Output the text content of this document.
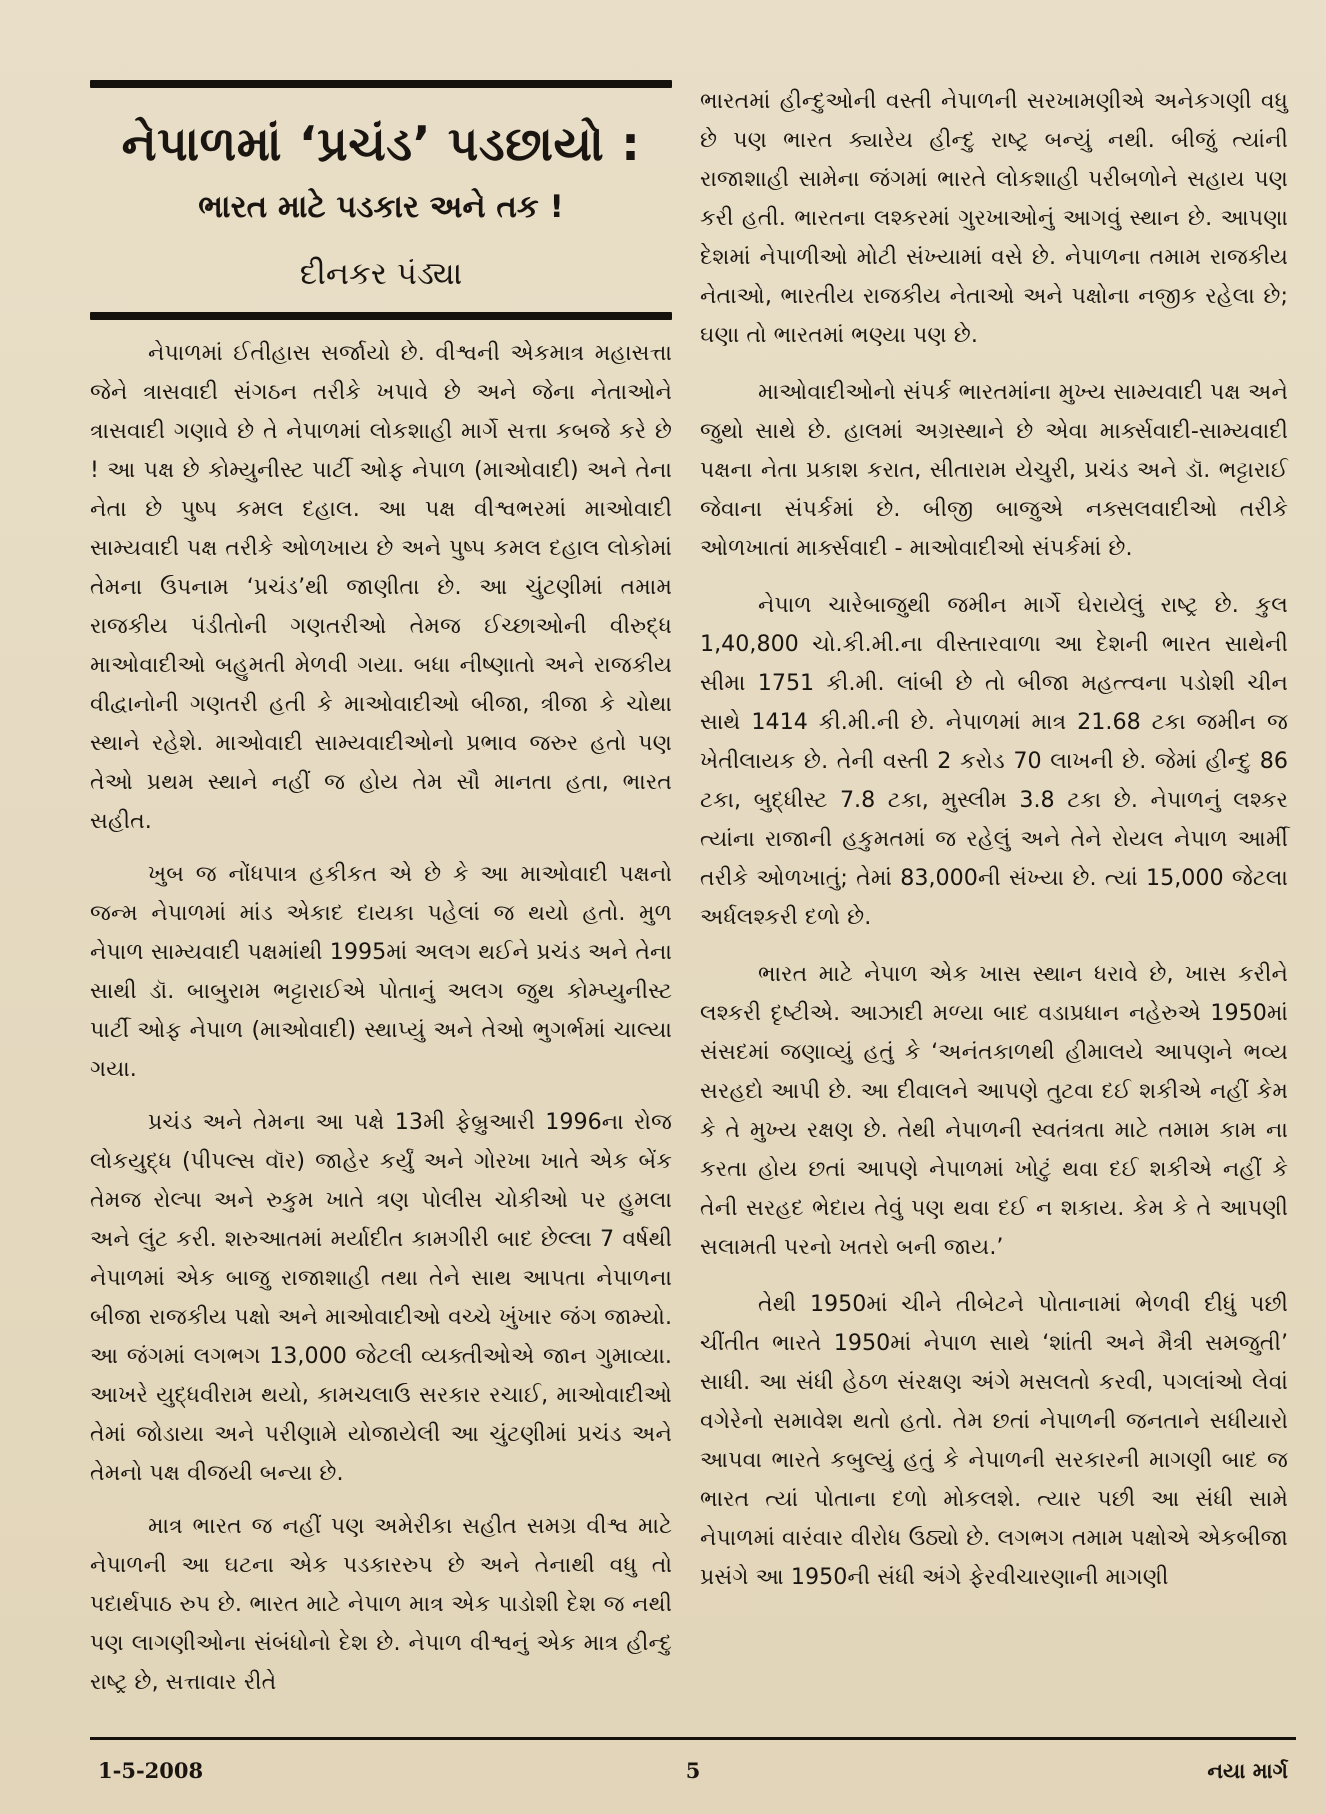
નેપાળમાં ‘પ્રચંડ’ પડછાયો :
ભારત માટે પડકાર અને તક !
દીનકર પંડ્યા

નેપાળમાં ઈતીહાસ સર્જાયો છે. વીશ્વની એકમાત્ર મહાસત્તા જેને ત્રાસવાદી સંગઠન તરીકે ખપાવે છે અને જેના નેતાઓને ત્રાસવાદી ગણાવે છે તે નેપાળમાં લોકશાહી માર્ગે સત્તા કબજે કરે છે ! આ પક્ષ છે કોમ્યુનીસ્ટ પાર્ટી ઓફ નેપાળ (માઓવાદી) અને તેના નેતા છે પુષ્પ કમલ દહાલ. આ પક્ષ વીશ્વભરમાં માઓવાદી સામ્યવાદી પક્ષ તરીકે ઓળખાય છે અને પુષ્પ કમલ દહાલ લોકોમાં તેમના ઉપનામ ‘પ્રચંડ’થી જાણીતા છે. આ ચુંટણીમાં તમામ રાજકીય પંડીતોની ગણતરીઓ તેમજ ઈચ્છાઓની વીરુદ્ધ માઓવાદીઓ બહુમતી મેળવી ગયા. બધા નીષ્ણાતો અને રાજકીય વીદ્વાનોની ગણતરી હતી કે માઓવાદીઓ બીજા, ત્રીજા કે ચોથા સ્થાને રહેશે. માઓવાદી સામ્યવાદીઓનો પ્રભાવ જરુર હતો પણ તેઓ પ્રથમ સ્થાને નહીં જ હોય તેમ સૌ માનતા હતા, ભારત સહીત.

ખુબ જ નોંધપાત્ર હકીકત એ છે કે આ માઓવાદી પક્ષનો જન્મ નેપાળમાં માંડ એકાદ દાયકા પહેલાં જ થયો હતો. મુળ નેપાળ સામ્યવાદી પક્ષમાંથી 1995માં અલગ થઈને પ્રચંડ અને તેના સાથી ડૉ. બાબુરામ ભટ્ટારાઈએ પોતાનું અલગ જુથ કોમ્પ્યુનીસ્ટ પાર્ટી ઓફ નેપાળ (માઓવાદી) સ્થાપ્યું અને તેઓ ભુગર્ભમાં ચાલ્યા ગયા.

પ્રચંડ અને તેમના આ પક્ષે 13મી ફેબ્રુઆરી 1996ના રોજ લોકયુદ્ધ (પીપલ્સ વૉર) જાહેર કર્યું અને ગોરખા ખાતે એક બેંક તેમજ રોલ્પા અને રુકુમ ખાતે ત્રણ પોલીસ ચોકીઓ પર હુમલા અને લુંટ કરી. શરુઆતમાં મર્યાદીત કામગીરી બાદ છેલ્લા 7 વર્ષથી નેપાળમાં એક બાજુ રાજાશાહી તથા તેને સાથ આપતા નેપાળના બીજા રાજકીય પક્ષો અને માઓવાદીઓ વચ્ચે ખુંખાર જંગ જામ્યો. આ જંગમાં લગભગ 13,000 જેટલી વ્યક્તીઓએ જાન ગુમાવ્યા. આખરે યુદ્ધવીરામ થયો, કામચલાઉ સરકાર રચાઈ, માઓવાદીઓ તેમાં જોડાયા અને પરીણામે યોજાયેલી આ ચુંટણીમાં પ્રચંડ અને તેમનો પક્ષ વીજયી બન્યા છે.

માત્ર ભારત જ નહીં પણ અમેરીકા સહીત સમગ્ર વીશ્વ માટે નેપાળની આ ઘટના એક પડકારરુપ છે અને તેનાથી વધુ તો પદાર્થપાઠ રુપ છે. ભારત માટે નેપાળ માત્ર એક પાડોશી દેશ જ નથી પણ લાગણીઓના સંબંધોનો દેશ છે. નેપાળ વીશ્વનું એક માત્ર હીન્દુ રાષ્ટ્ર છે, સત્તાવાર રીતે

ભારતમાં હીન્દુઓની વસ્તી નેપાળની સરખામણીએ અનેકગણી વધુ છે પણ ભારત ક્યારેય હીન્દુ રાષ્ટ્ર બન્યું નથી. બીજું ત્યાંની રાજાશાહી સામેના જંગમાં ભારતે લોકશાહી પરીબળોને સહાય પણ કરી હતી. ભારતના લશ્કરમાં ગુરખાઓનું આગવું સ્થાન છે. આપણા દેશમાં નેપાળીઓ મોટી સંખ્યામાં વસે છે. નેપાળના તમામ રાજકીય નેતાઓ, ભારતીય રાજકીય નેતાઓ અને પક્ષોના નજીક રહેલા છે; ઘણા તો ભારતમાં ભણ્યા પણ છે.

માઓવાદીઓનો સંપર્ક ભારતમાંના મુખ્ય સામ્યવાદી પક્ષ અને જુથો સાથે છે. હાલમાં અગ્રસ્થાને છે એવા માર્ક્સવાદી-સામ્યવાદી પક્ષના નેતા પ્રકાશ કરાત, સીતારામ યેચુરી, પ્રચંડ અને ડૉ. ભટ્ટારાઈ જેવાના સંપર્કમાં છે. બીજી બાજુએ નક્સલવાદીઓ તરીકે ઓળખાતાં માર્ક્સવાદી - માઓવાદીઓ સંપર્કમાં છે.

નેપાળ ચારેબાજુથી જમીન માર્ગે ઘેરાયેલું રાષ્ટ્ર છે. કુલ 1,40,800 ચો.કી.મી.ના વીસ્તારવાળા આ દેશની ભારત સાથેની સીમા 1751 કી.મી. લાંબી છે તો બીજા મહત્ત્વના પડોશી ચીન સાથે 1414 કી.મી.ની છે. નેપાળમાં માત્ર 21.68 ટકા જમીન જ ખેતીલાયક છે. તેની વસ્તી 2 કરોડ 70 લાખની છે. જેમાં હીન્દુ 86 ટકા, બુદ્ધીસ્ટ 7.8 ટકા, મુસ્લીમ 3.8 ટકા છે. નેપાળનું લશ્કર ત્યાંના રાજાની હકુમતમાં જ રહેલું અને તેને રોયલ નેપાળ આર્મી તરીકે ઓળખાતું; તેમાં 83,000ની સંખ્યા છે. ત્યાં 15,000 જેટલા અર્ધલશ્કરી દળો છે.

ભારત માટે નેપાળ એક ખાસ સ્થાન ધરાવે છે, ખાસ કરીને લશ્કરી દૃષ્ટીએ. આઝાદી મળ્યા બાદ વડાપ્રધાન નહેરુએ 1950માં સંસદમાં જણાવ્યું હતું કે ‘અનંતકાળથી હીમાલયે આપણને ભવ્ય સરહદો આપી છે. આ દીવાલને આપણે તુટવા દઈ શકીએ નહીં કેમ કે તે મુખ્ય રક્ષણ છે. તેથી નેપાળની સ્વતંત્રતા માટે તમામ કામ ના કરતા હોય છતાં આપણે નેપાળમાં ખોટું થવા દઈ શકીએ નહીં કે તેની સરહદ ભેદાય તેવું પણ થવા દઈ ન શકાય. કેમ કે તે આપણી સલામતી પરનો ખતરો બની જાય.’

તેથી 1950માં ચીને તીબેટને પોતાનામાં ભેળવી દીધું પછી ચીંતીત ભારતે 1950માં નેપાળ સાથે ‘શાંતી અને મૈત્રી સમજુતી’ સાધી. આ સંધી હેઠળ સંરક્ષણ અંગે મસલતો કરવી, પગલાંઓ લેવાં વગેરેનો સમાવેશ થતો હતો. તેમ છતાં નેપાળની જનતાને સધીયારો આપવા ભારતે કબુલ્યું હતું કે નેપાળની સરકારની માગણી બાદ જ ભારત ત્યાં પોતાના દળો મોકલશે. ત્યાર પછી આ સંધી સામે નેપાળમાં વારંવાર વીરોધ ઉઠ્યો છે. લગભગ તમામ પક્ષોએ એકબીજા પ્રસંગે આ 1950ની સંધી અંગે ફેરવીચારણાની માગણી

1-5-2008	5	નયા માર્ગ
